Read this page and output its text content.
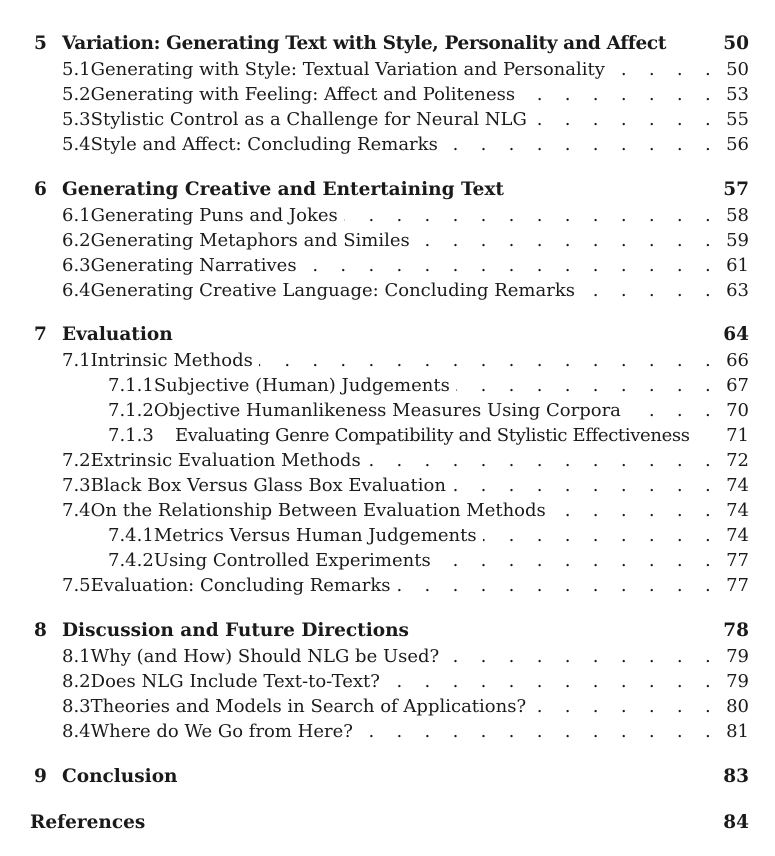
5 Variation: Generating Text with Style, Personality and Affect	50
5.1 Generating with Style: Textual Variation and Personality . . .	50
5.2 Generating with Feeling: Affect and Politeness . . .	53
5.3 Stylistic Control as a Challenge for Neural NLG . . .	55
5.4 Style and Affect: Concluding Remarks . . .	56
6 Generating Creative and Entertaining Text	57
6.1 Generating Puns and Jokes . . .	58
6.2 Generating Metaphors and Similes . . .	59
6.3 Generating Narratives . . .	61
6.4 Generating Creative Language: Concluding Remarks . . .	63
7 Evaluation	64
7.1 Intrinsic Methods . . .	66
7.1.1 Subjective (Human) Judgements . . .	67
7.1.2 Objective Humanlikeness Measures Using Corpora . . .	70
7.1.3	Evaluating Genre Compatibility and Stylistic Effectiveness 71
7.2 Extrinsic Evaluation Methods . . .	72
7.3 Black Box Versus Glass Box Evaluation . . .	74
7.4 On the Relationship Between Evaluation Methods . . .	74
7.4.1 Metrics Versus Human Judgements . . .	74
7.4.2 Using Controlled Experiments . . .	77
7.5 Evaluation: Concluding Remarks . . .	77
8 Discussion and Future Directions	78
8.1 Why (and How) Should NLG be Used? . . .	79
8.2 Does NLG Include Text-to-Text? . . .	79
8.3 Theories and Models in Search of Applications? . . .	80
8.4 Where do We Go from Here? . . .	81
9 Conclusion	83
References	84
